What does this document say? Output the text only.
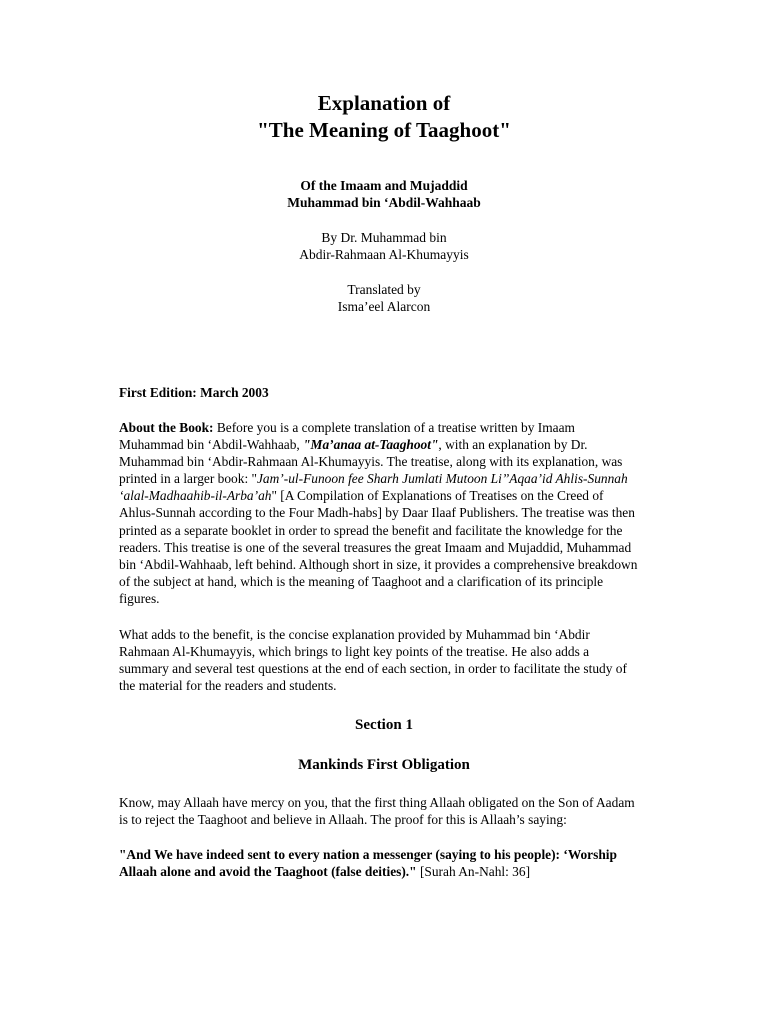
Explanation of
"The Meaning of Taaghoot"
Of the Imaam and Mujaddid
Muhammad bin ‘Abdil-Wahhaab
By Dr. Muhammad bin
Abdir-Rahmaan Al-Khumayyis
Translated by
Isma’eel Alarcon

First Edition: March 2003

About the Book: Before you is a complete translation of a treatise written by Imaam
Muhammad bin ‘Abdil-Wahhaab, "Ma’anaa at-Taaghoot", with an explanation by Dr.
Muhammad bin ‘Abdir-Rahmaan Al-Khumayyis. The treatise, along with its explanation, was
printed in a larger book: "Jam’-ul-Funoon fee Sharh Jumlati Mutoon Li’’Aqaa’id Ahlis-Sunnah
‘alal-Madhaahib-il-Arba’ah" [A Compilation of Explanations of Treatises on the Creed of
Ahlus-Sunnah according to the Four Madh-habs] by Daar Ilaaf Publishers. The treatise was then
printed as a separate booklet in order to spread the benefit and facilitate the knowledge for the
readers. This treatise is one of the several treasures the great Imaam and Mujaddid, Muhammad
bin ‘Abdil-Wahhaab, left behind. Although short in size, it provides a comprehensive breakdown
of the subject at hand, which is the meaning of Taaghoot and a clarification of its principle
figures.

What adds to the benefit, is the concise explanation provided by Muhammad bin ‘Abdir
Rahmaan Al-Khumayyis, which brings to light key points of the treatise. He also adds a
summary and several test questions at the end of each section, in order to facilitate the study of
the material for the readers and students.

Section 1
Mankinds First Obligation

Know, may Allaah have mercy on you, that the first thing Allaah obligated on the Son of Aadam
is to reject the Taaghoot and believe in Allaah. The proof for this is Allaah’s saying:

"And We have indeed sent to every nation a messenger (saying to his people): ‘Worship
Allaah alone and avoid the Taaghoot (false deities)." [Surah An-Nahl: 36]
